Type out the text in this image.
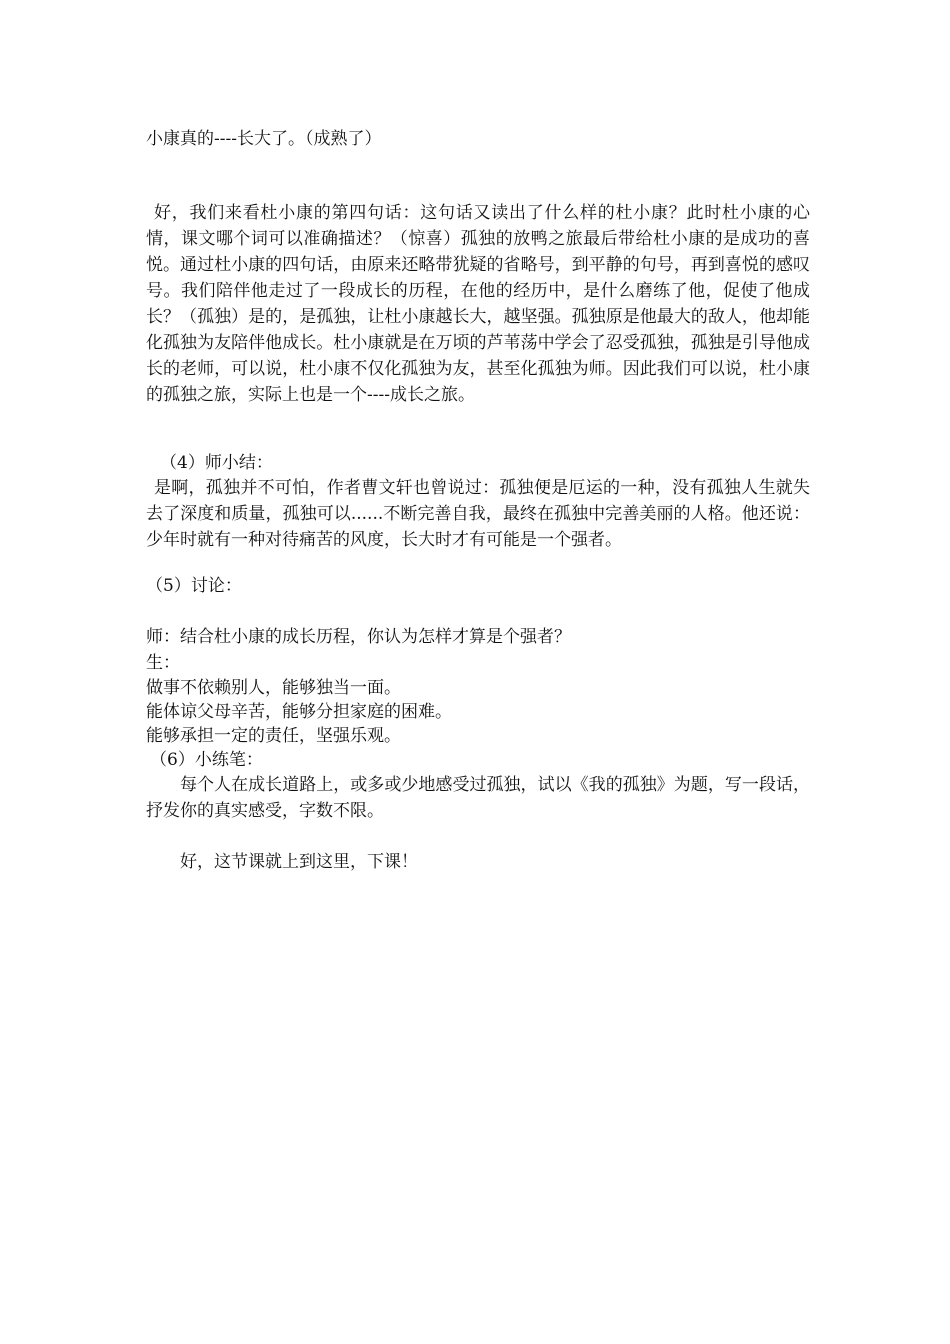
小康真的----长大了。（成熟了）
好，我们来看杜小康的第四句话：这句话又读出了什么样的杜小康？此时杜小康的心情，课文哪个词可以准确描述？（惊喜）孤独的放鸭之旅最后带给杜小康的是成功的喜悦。通过杜小康的四句话，由原来还略带犹疑的省略号，到平静的句号，再到喜悦的感叹号。我们陪伴他走过了一段成长的历程，在他的经历中，是什么磨练了他，促使了他成长？（孤独）是的，是孤独，让杜小康越长大，越坚强。孤独原是他最大的敌人，他却能化孤独为友陪伴他成长。杜小康就是在万顷的芦苇荡中学会了忍受孤独，孤独是引导他成长的老师，可以说，杜小康不仅化孤独为友，甚至化孤独为师。因此我们可以说，杜小康的孤独之旅，实际上也是一个----成长之旅。
（4）师小结：
是啊，孤独并不可怕，作者曹文轩也曾说过：孤独便是厄运的一种，没有孤独人生就失去了深度和质量，孤独可以......不断完善自我，最终在孤独中完善美丽的人格。他还说：少年时就有一种对待痛苦的风度，长大时才有可能是一个强者。
（5）讨论：
师：结合杜小康的成长历程，你认为怎样才算是个强者？
生：
做事不依赖别人，能够独当一面。
能体谅父母辛苦，能够分担家庭的困难。
能够承担一定的责任，坚强乐观。
（6）小练笔：
每个人在成长道路上，或多或少地感受过孤独，试以《我的孤独》为题，写一段话，抒发你的真实感受，字数不限。
好，这节课就上到这里，下课！
